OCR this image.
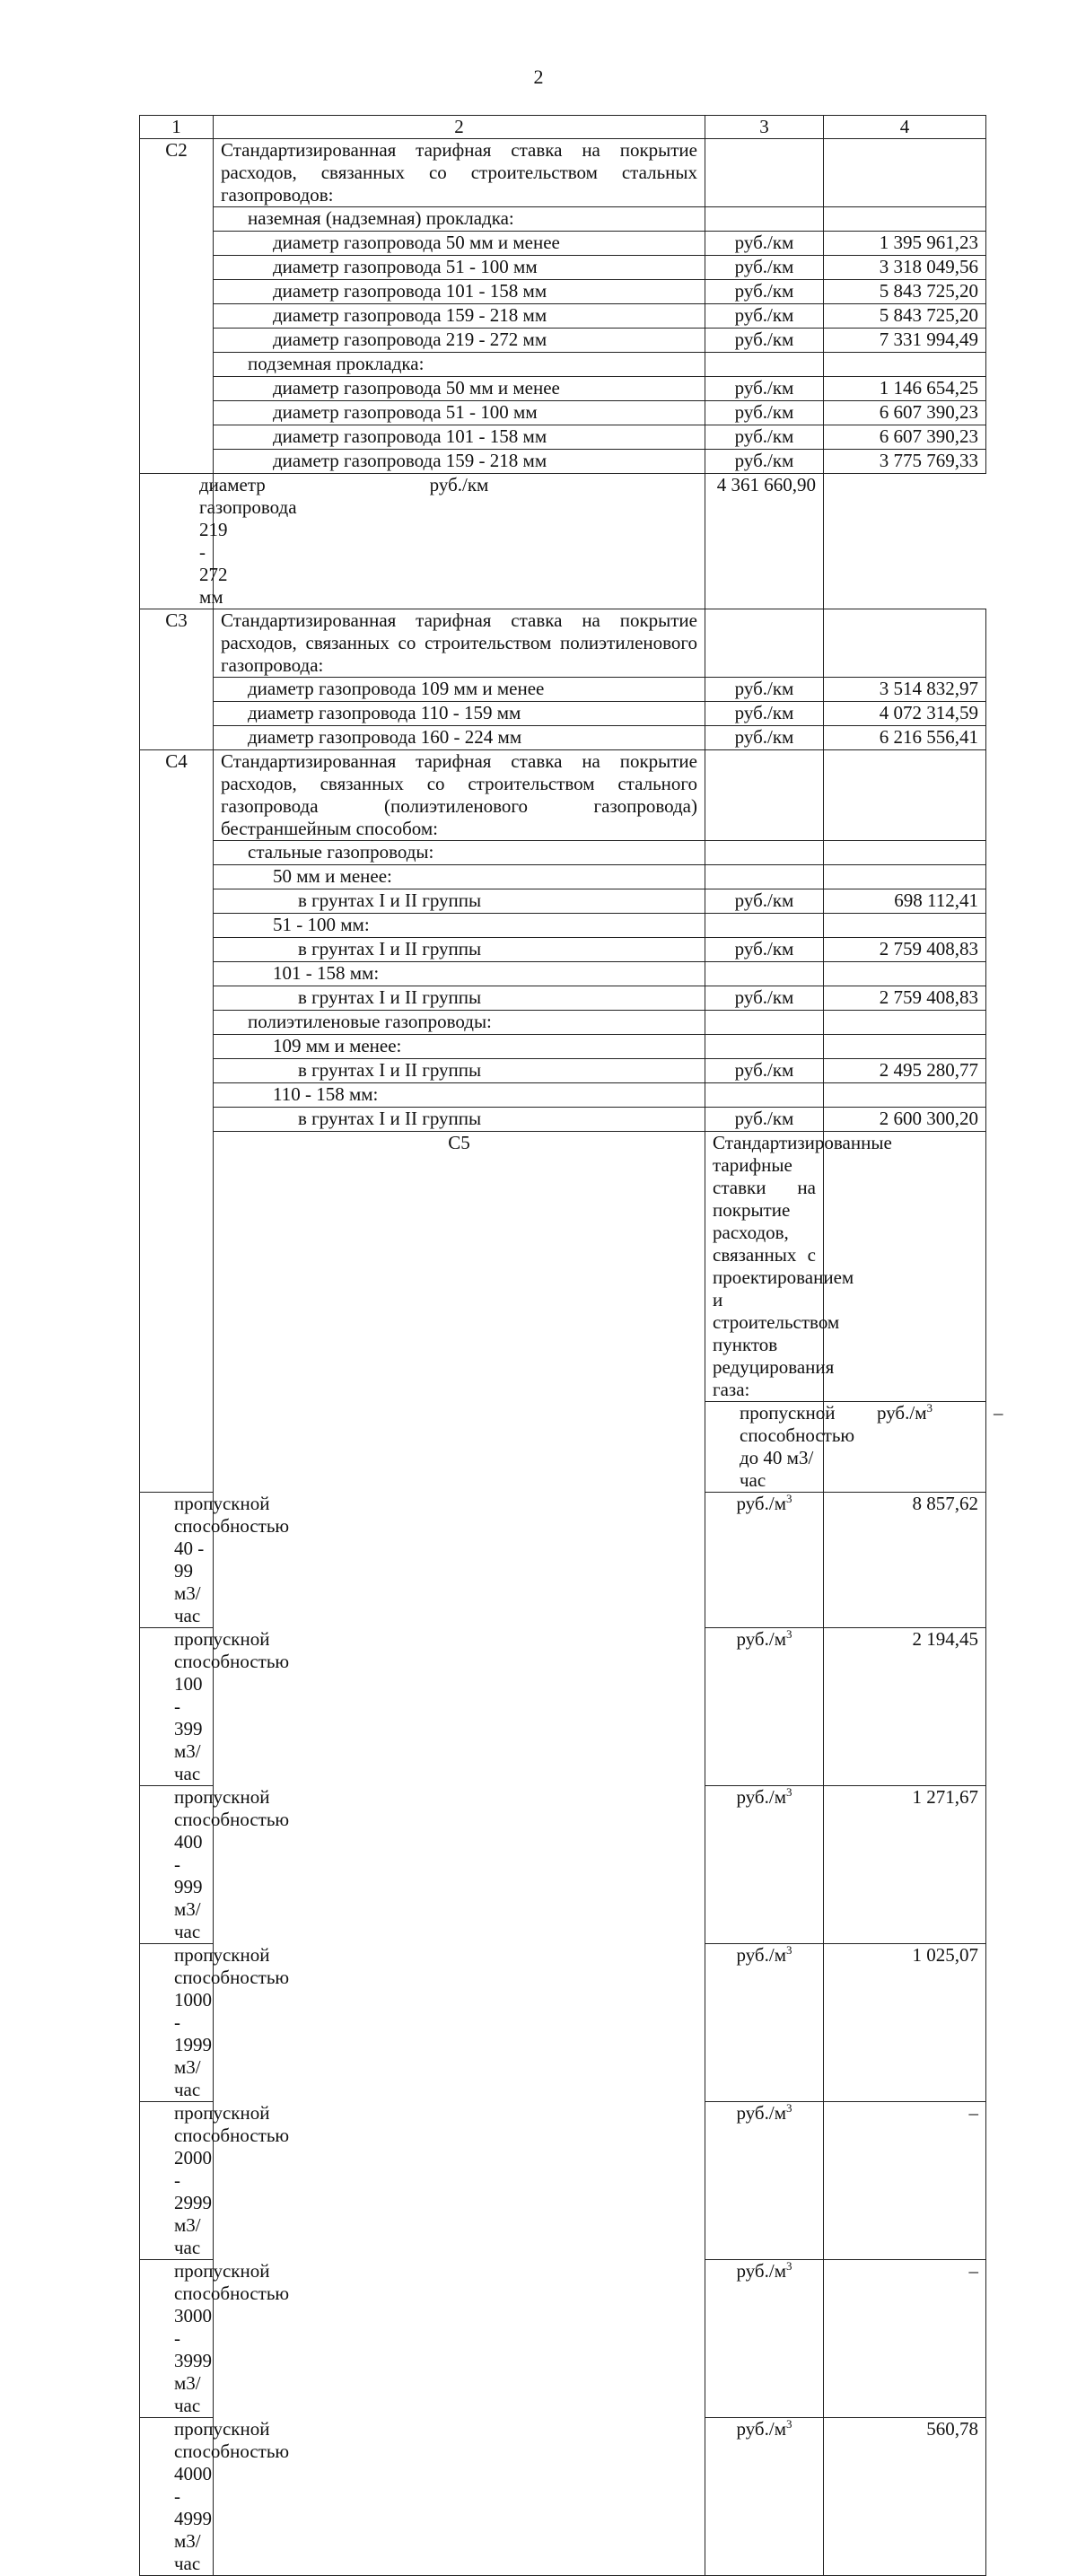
2
1	2	3	4	
С2	Стандартизированная тарифная ставка на покрытие расходов, связанных со строительством стальных газопроводов:			
	наземная (надземная) прокладка:			
	диаметр газопровода 50 мм и менее	руб./км	1 395 961,23	
	диаметр газопровода 51 - 100 мм	руб./км	3 318 049,56	
	диаметр газопровода 101 - 158 мм	руб./км	5 843 725,20	
	диаметр газопровода 159 - 218 мм	руб./км	5 843 725,20	
	диаметр газопровода 219 - 272 мм	руб./км	7 331 994,49	
	подземная прокладка:			
	диаметр газопровода 50 мм и менее	руб./км	1 146 654,25	
	диаметр газопровода 51 - 100 мм	руб./км	6 607 390,23	
	диаметр газопровода 101 - 158 мм	руб./км	6 607 390,23	
	диаметр газопровода 159 - 218 мм	руб./км	3 775 769,33	
диаметр газопровода 219 - 272 мм	руб./км	4 361 660,90		
С3	Стандартизированная тарифная ставка на покрытие расходов, связанных со строительством полиэтиленового газопровода:			
	диаметр газопровода 109 мм и менее	руб./км	3 514 832,97	
	диаметр газопровода 110 - 159 мм	руб./км	4 072 314,59	
	диаметр газопровода 160 - 224 мм	руб./км	6 216 556,41	
С4	Стандартизированная тарифная ставка на покрытие расходов, связанных со строительством стального газопровода (полиэтиленового газопровода) бестраншейным способом:			
	стальные газопроводы:			
	50 мм и менее:			
	в грунтах I и II группы	руб./км	698 112,41	
	51 - 100 мм:			
	в грунтах I и II группы	руб./км	2 759 408,83	
	101 - 158 мм:			
	в грунтах I и II группы	руб./км	2 759 408,83	
	полиэтиленовые газопроводы:			
	109 мм и менее:			
	в грунтах I и II группы	руб./км	2 495 280,77	
	110 - 158 мм:			
	в грунтах I и II группы	руб./км	2 600 300,20	
	С5	Стандартизированные тарифные ставки на покрытие расходов, связанных с проектированием и строительством пунктов редуцирования газа:		
		пропускной способностью до 40 м3/час	$руб./м^3$	–
пропускной способностью 40 - 99 м3/час		$руб./м^3$	8 857,62	
пропускной способностью 100 - 399 м3/час		$руб./м^3$	2 194,45	
пропускной способностью 400 - 999 м3/час		$руб./м^3$	1 271,67	
пропускной способностью 1000 - 1999 м3/час		$руб./м^3$	1 025,07	
пропускной способностью 2000 - 2999 м3/час		$руб./м^3$	–	
пропускной способностью 3000 - 3999 м3/час		$руб./м^3$	–	
пропускной способностью 4000 - 4999 м3/час		$руб./м^3$	560,78	
